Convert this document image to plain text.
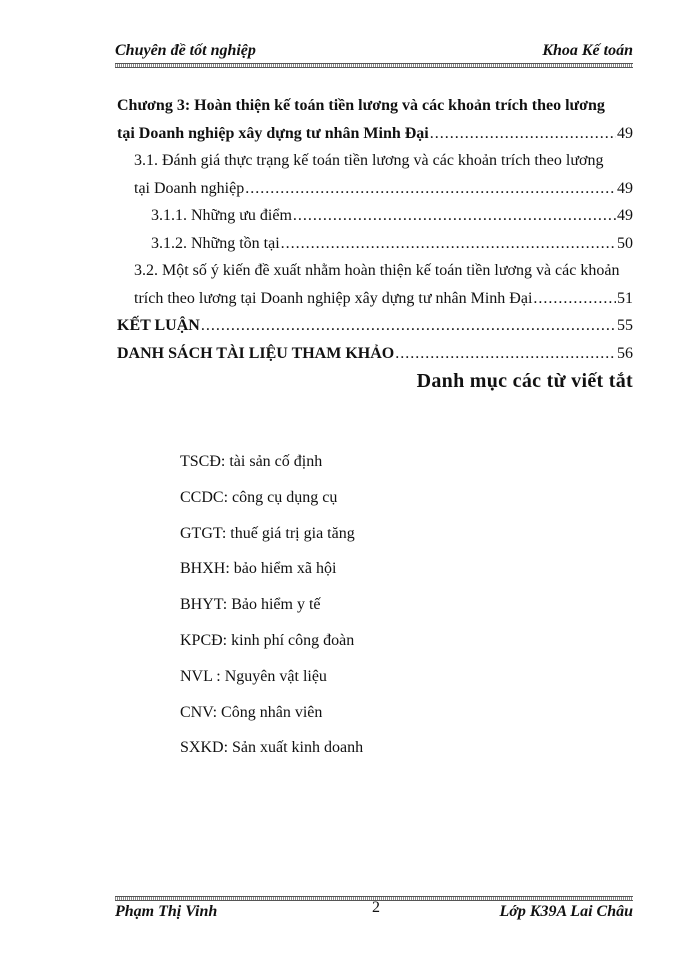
Chuyên đề tốt nghiệp	Khoa Kế toán
Chương 3: Hoàn thiện kế toán tiền lương và các khoản trích theo lương
tại Doanh nghiệp xây dựng tư nhân Minh Đại .....	49
3.1. Đánh giá thực trạng kế toán tiền lương và các khoản trích theo lương
tại Doanh nghiệp .....	49
3.1.1. Những ưu điểm .....	49
3.1.2. Những tồn tại .....	50
3.2. Một số ý kiến đề xuất nhằm hoàn thiện kế toán tiền lương và các khoản
trích theo lương tại Doanh nghiệp xây dựng tư nhân Minh Đại .....	51
KẾT LUẬN .....	55
DANH SÁCH TÀI LIỆU THAM KHẢO .....	56
Danh mục các từ viết tắt
TSCĐ: tài sản cố định
CCDC: công cụ dụng cụ
GTGT: thuế giá trị gia tăng
BHXH: bảo hiểm xã hội
BHYT: Bảo hiểm y tế
KPCĐ: kinh phí công đoàn
NVL : Nguyên vật liệu
CNV: Công nhân viên
SXKD: Sản xuất kinh doanh
Phạm Thị Vinh	2	Lớp K39A Lai Châu
